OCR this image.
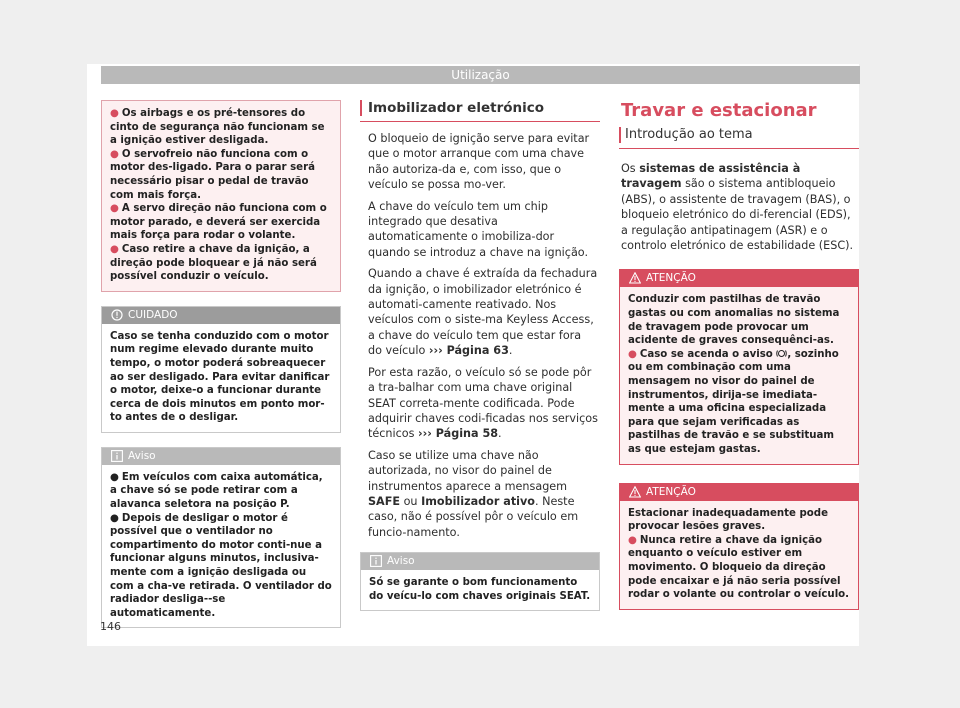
Utilização

● Os airbags e os pré-tensores do cinto de segurança não funcionam se a ignição estiver desligada.

● O servofreio não funciona com o motor des-ligado. Para o parar será necessário pisar o pedal de travão com mais força.

● A servo direção não funciona com o motor parado, e deverá ser exercida mais força para rodar o volante.

● Caso retire a chave da ignição, a direção pode bloquear e já não será possível conduzir o veículo.

CUIDADO

Caso se tenha conduzido com o motor num regime elevado durante muito tempo, o motor poderá sobreaquecer ao ser desligado. Para evitar danificar o motor, deixe-o a funcionar durante cerca de dois minutos em ponto mor-to antes de o desligar.

Aviso

● Em veículos com caixa automática, a chave só se pode retirar com a alavanca seletora na posição P.

● Depois de desligar o motor é possível que o ventilador no compartimento do motor conti-nue a funcionar alguns minutos, inclusiva-mente com a ignição desligada ou com a cha-ve retirada. O ventilador do radiador desliga--se automaticamente.

Imobilizador eletrónico

O bloqueio de ignição serve para evitar que o motor arranque com uma chave não autoriza-da e, com isso, que o veículo se possa mo-ver.

A chave do veículo tem um chip integrado que desativa automaticamente o imobiliza-dor quando se introduz a chave na ignição.

Quando a chave é extraída da fechadura da ignição, o imobilizador eletrónico é automati-camente reativado. Nos veículos com o siste-ma Keyless Access, a chave do veículo tem que estar fora do veículo ››› Página 63.

Por esta razão, o veículo só se pode pôr a tra-balhar com uma chave original SEAT correta-mente codificada. Pode adquirir chaves codi-ficadas nos serviços técnicos ››› Página 58.

Caso se utilize uma chave não autorizada, no visor do painel de instrumentos aparece a mensagem SAFE ou Imobilizador ativo. Neste caso, não é possível pôr o veículo em funcio-namento.

Aviso

Só se garante o bom funcionamento do veícu-lo com chaves originais SEAT.

Travar e estacionar
Introdução ao tema

Os sistemas de assistência à travagem são o sistema antibloqueio (ABS), o assistente de travagem (BAS), o bloqueio eletrónico do di-ferencial (EDS), a regulação antipatinagem (ASR) e o controlo eletrónico de estabilidade (ESC).

ATENÇÃO

Conduzir com pastilhas de travão gastas ou com anomalias no sistema de travagem pode provocar um acidente de graves consequênci-as.

● Caso se acenda o aviso , sozinho ou em combinação com uma mensagem no visor do painel de instrumentos, dirija-se imediata-mente a uma oficina especializada para que sejam verificadas as pastilhas de travão e se substituam as que estejam gastas.

ATENÇÃO

Estacionar inadequadamente pode provocar lesões graves.

● Nunca retire a chave da ignição enquanto o veículo estiver em movimento. O bloqueio da direção pode encaixar e já não seria possível rodar o volante ou controlar o veículo.

146
